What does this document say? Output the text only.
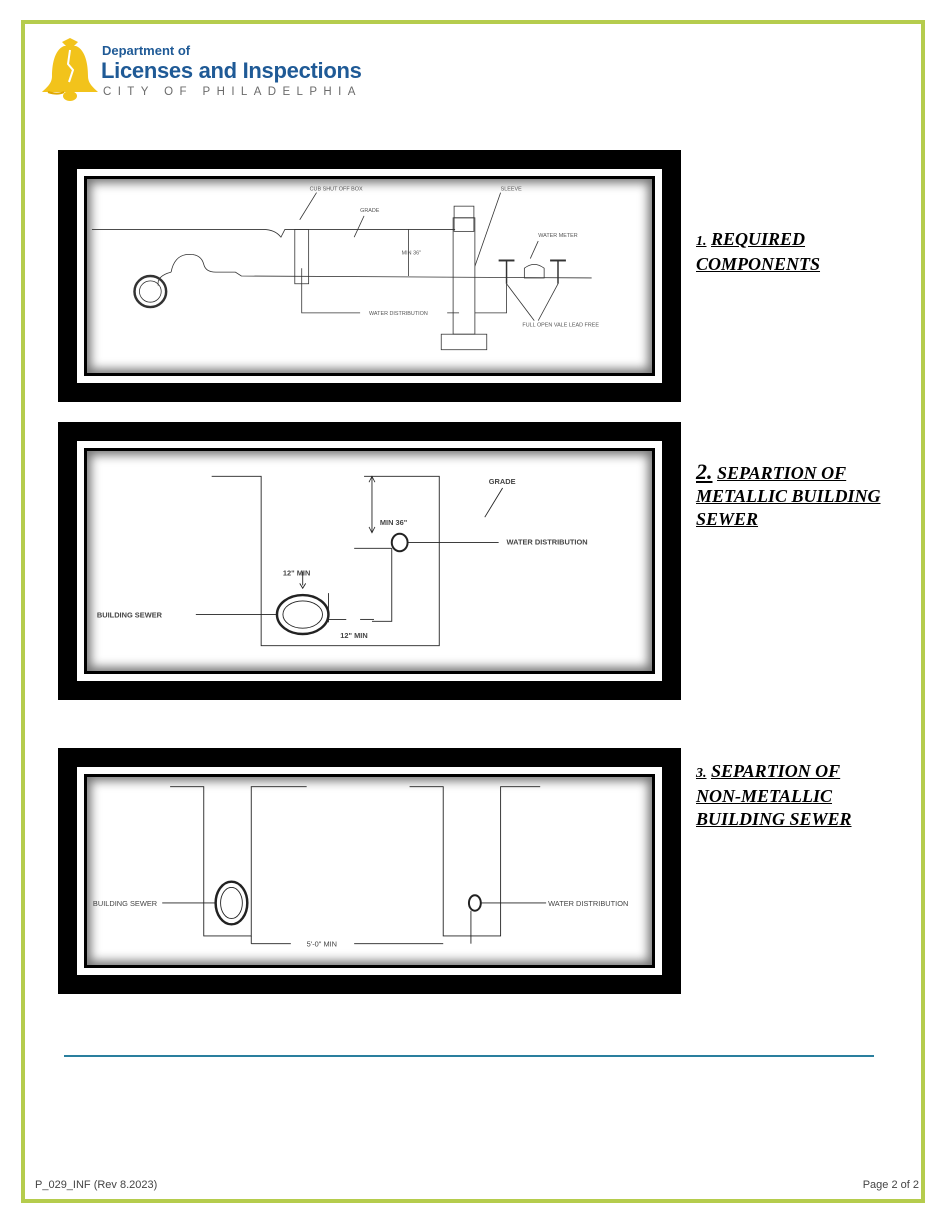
Department of
Licenses and Inspections
CITY OF PHILADELPHIA
CUB SHUT OFF BOX
GRADE
SLEEVE
WATER METER
MIN 36"
WATER DISTRIBUTION
FULL OPEN VALE LEAD FREE
1. REQUIRED
COMPONENTS
GRADE
MIN 36"
WATER DISTRIBUTION
12" MIN
BUILDING SEWER
12" MIN
2. SEPARTION OF
METALLIC BUILDING
SEWER
BUILDING SEWER	WATER DISTRIBUTION
5'-0" MIN
3. SEPARTION OF
NON-METALLIC
BUILDING SEWER
P_029_INF (Rev 8.2023)	Page 2 of 2
